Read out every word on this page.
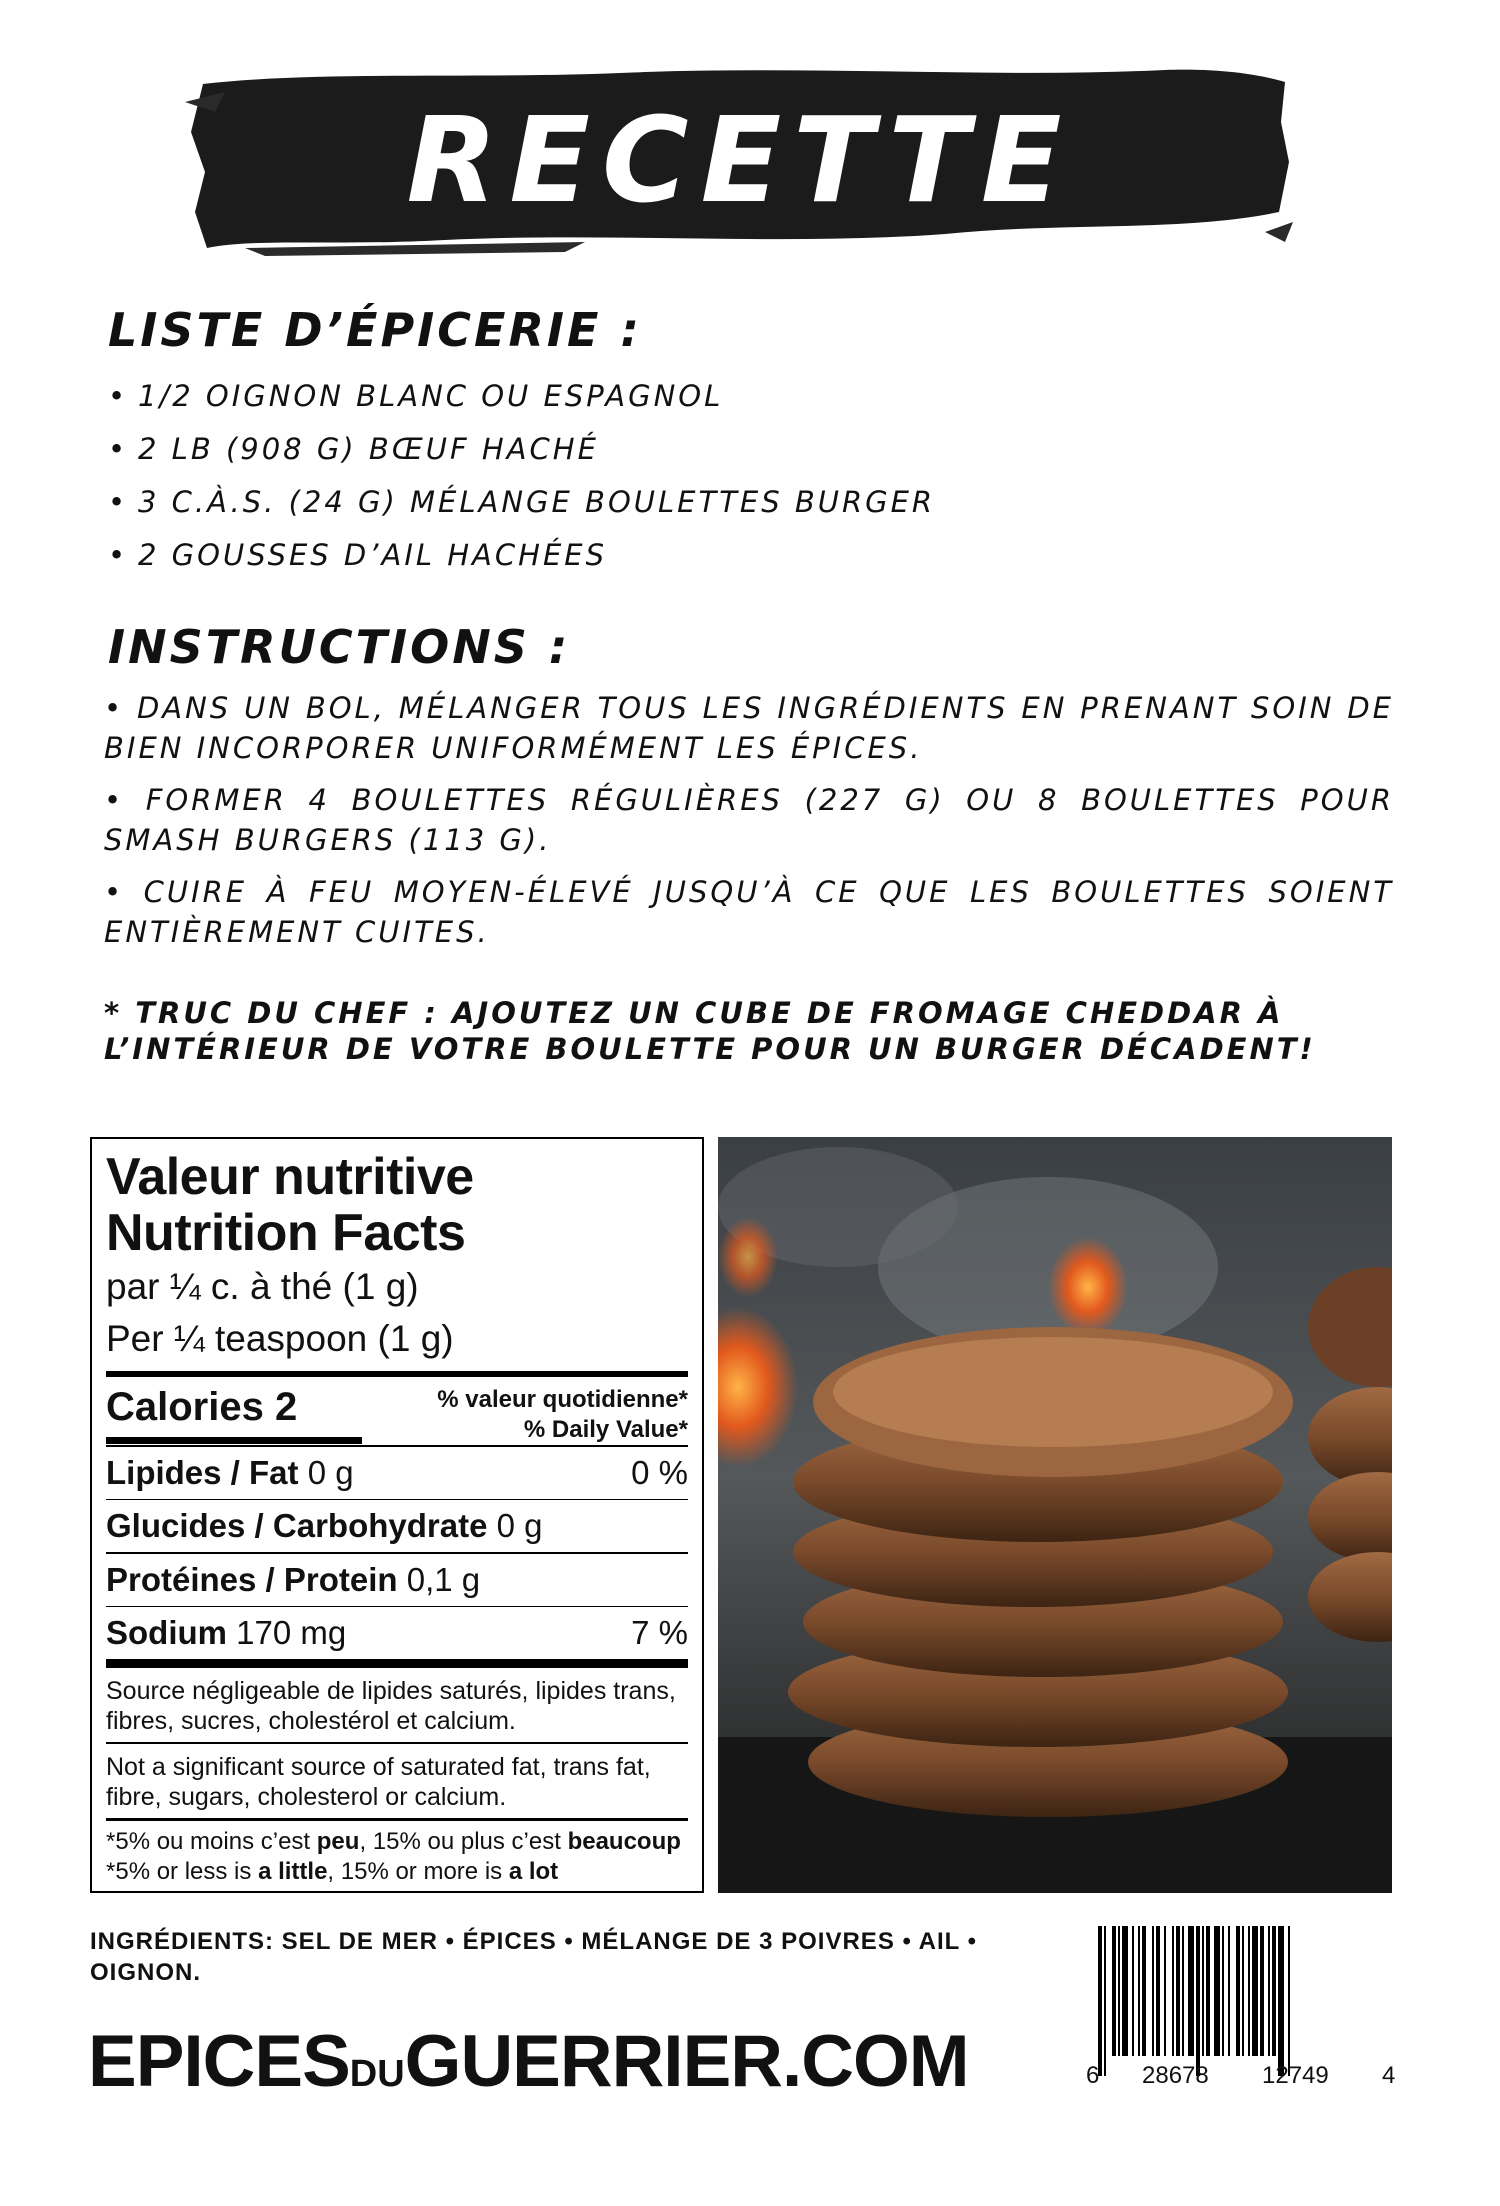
RECETTE
LISTE D’ÉPICERIE :
• 1/2 OIGNON BLANC OU ESPAGNOL
• 2 LB (908 G) BŒUF HACHÉ
• 3 C.À.S. (24 G) MÉLANGE BOULETTES BURGER
• 2 GOUSSES D’AIL HACHÉES
INSTRUCTIONS :
• DANS UN BOL, MÉLANGER TOUS LES INGRÉDIENTS EN PRENANT SOIN DE BIEN INCORPORER UNIFORMÉMENT LES ÉPICES.
• FORMER 4 BOULETTES RÉGULIÈRES (227 G) OU 8 BOULETTES POUR SMASH BURGERS (113 G).
• CUIRE À FEU MOYEN-ÉLEVÉ JUSQU’À CE QUE LES BOULETTES SOIENT ENTIÈREMENT CUITES.
* TRUC DU CHEF : AJOUTEZ UN CUBE DE FROMAGE CHEDDAR À L’INTÉRIEUR DE VOTRE BOULETTE POUR UN BURGER DÉCADENT!
Valeur nutritive
Nutrition Facts
par ¼ c. à thé (1 g)
Per ¼ teaspoon (1 g)
Calories 2	% valeur quotidienne*
% Daily Value*
Lipides / Fat 0 g	0 %
Glucides / Carbohydrate 0 g
Protéines / Protein 0,1 g
Sodium 170 mg	7 %
Source négligeable de lipides saturés, lipides trans, fibres, sucres, cholestérol et calcium.
Not a significant source of saturated fat, trans fat, fibre, sugars, cholesterol or calcium.
*5% ou moins c’est peu, 15% ou plus c’est beaucoup
*5% or less is a little, 15% or more is a lot
INGRÉDIENTS: SEL DE MER • ÉPICES • MÉLANGE DE 3 POIVRES • AIL • OIGNON.
EPICESDUGUERRIER.COM	6 28678 12749 4
